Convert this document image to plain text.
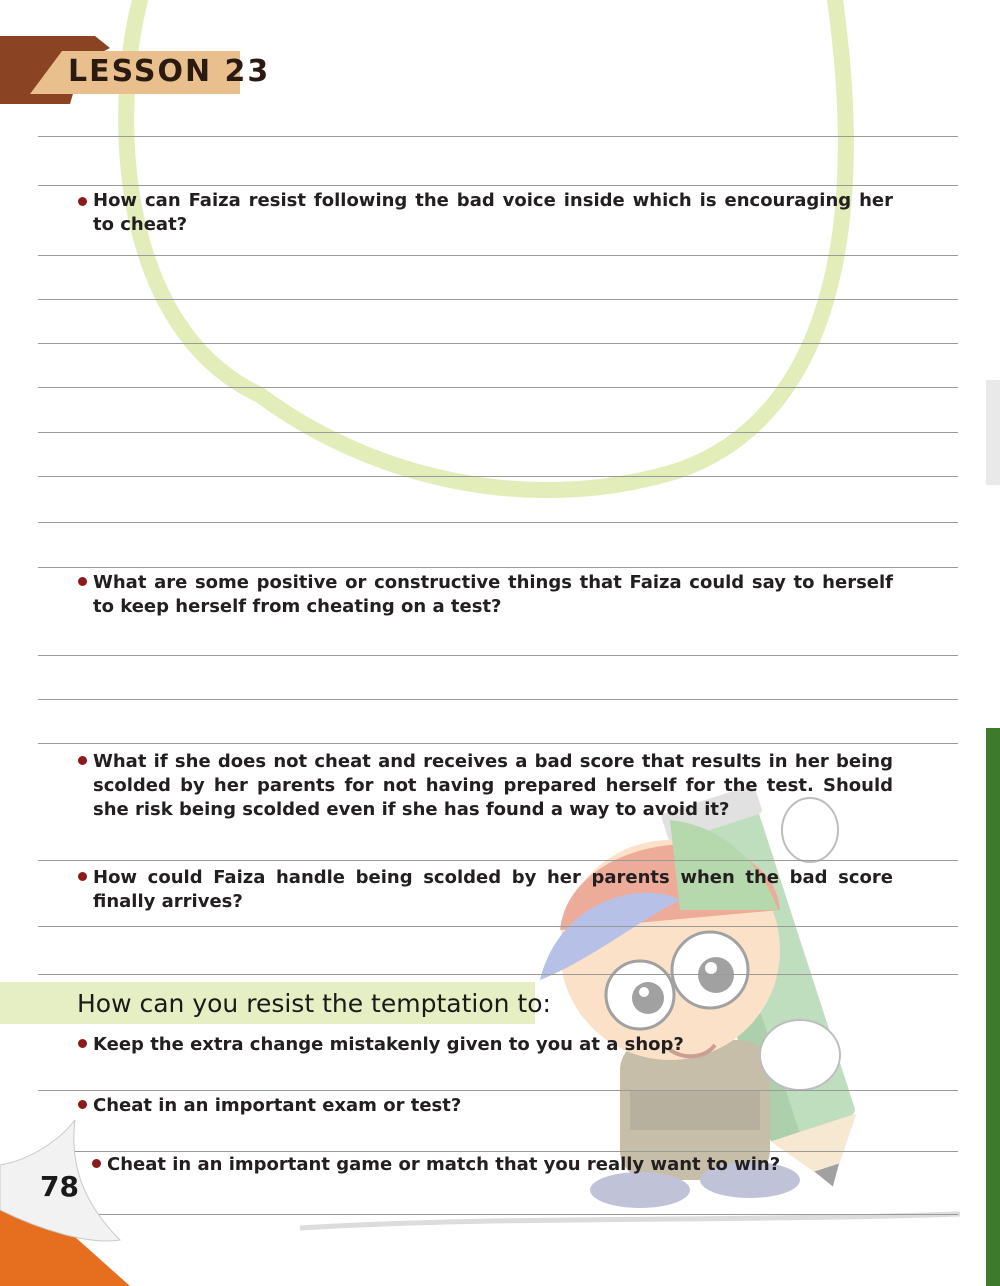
LESSON 23
How can Faiza resist following the bad voice inside which is encouraging her to cheat?
What are some positive or constructive things that Faiza could say to herself to keep herself from cheating on a test?
What if she does not cheat and receives a bad score that results in her being scolded by her parents for not having prepared herself for the test. Should she risk being scolded even if she has found a way to avoid it?
How could Faiza handle being scolded by her parents when the bad score finally arrives?
How can you resist the temptation to:
Keep the extra change mistakenly given to you at a shop?
Cheat in an important exam or test?
Cheat in an important game or match that you really want to win?
78
